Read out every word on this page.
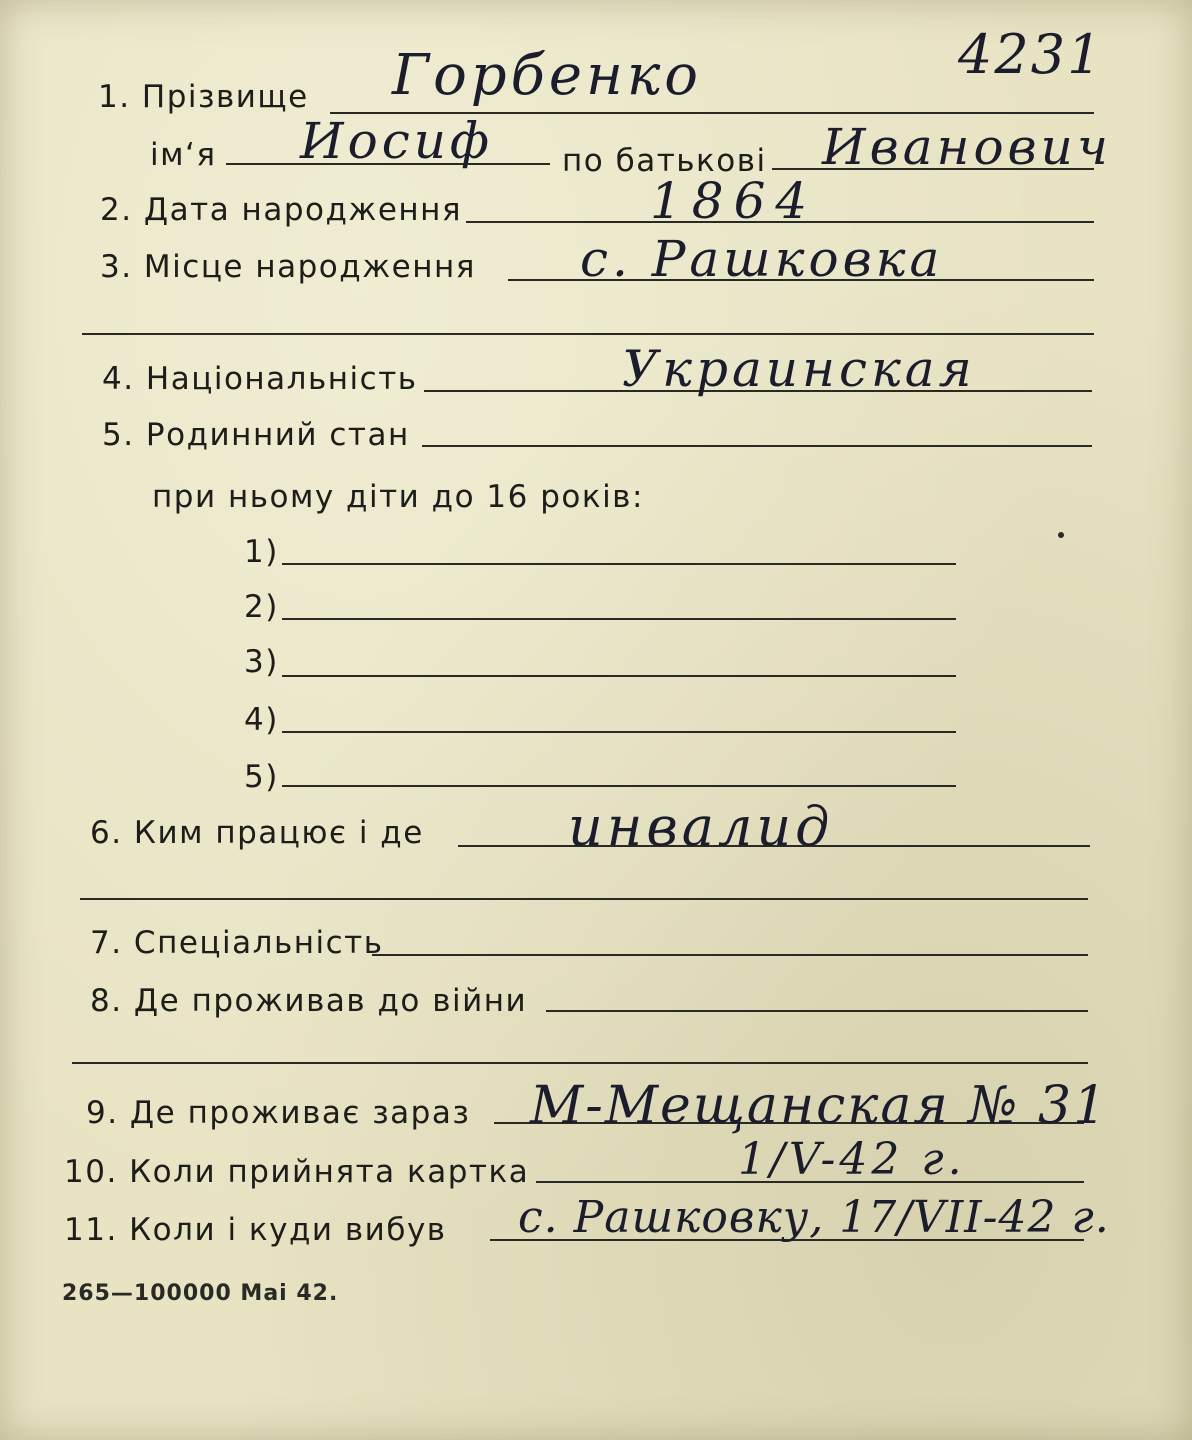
4231
1. Прізвище Горбенко
ім‘я Иосиф по батькові Иванович
2. Дата народження	1864
3. Місце народжeння с. Рашковка
4. Національність	Украинская
5. Родинний стан
при ньому діти до 16 років:
1)
2)
3)
4)
5)
6. Ким працює і де	инвалид
7. Спеціальність
8. Де проживав до війни
9. Де проживає зараз М-Мещанская № 31
10. Коли прийнята картка	1/V-42 г.
11. Коли і куди вибув с. Рашковку, 17/VII-42 г.
265—100000 Mai 42.
